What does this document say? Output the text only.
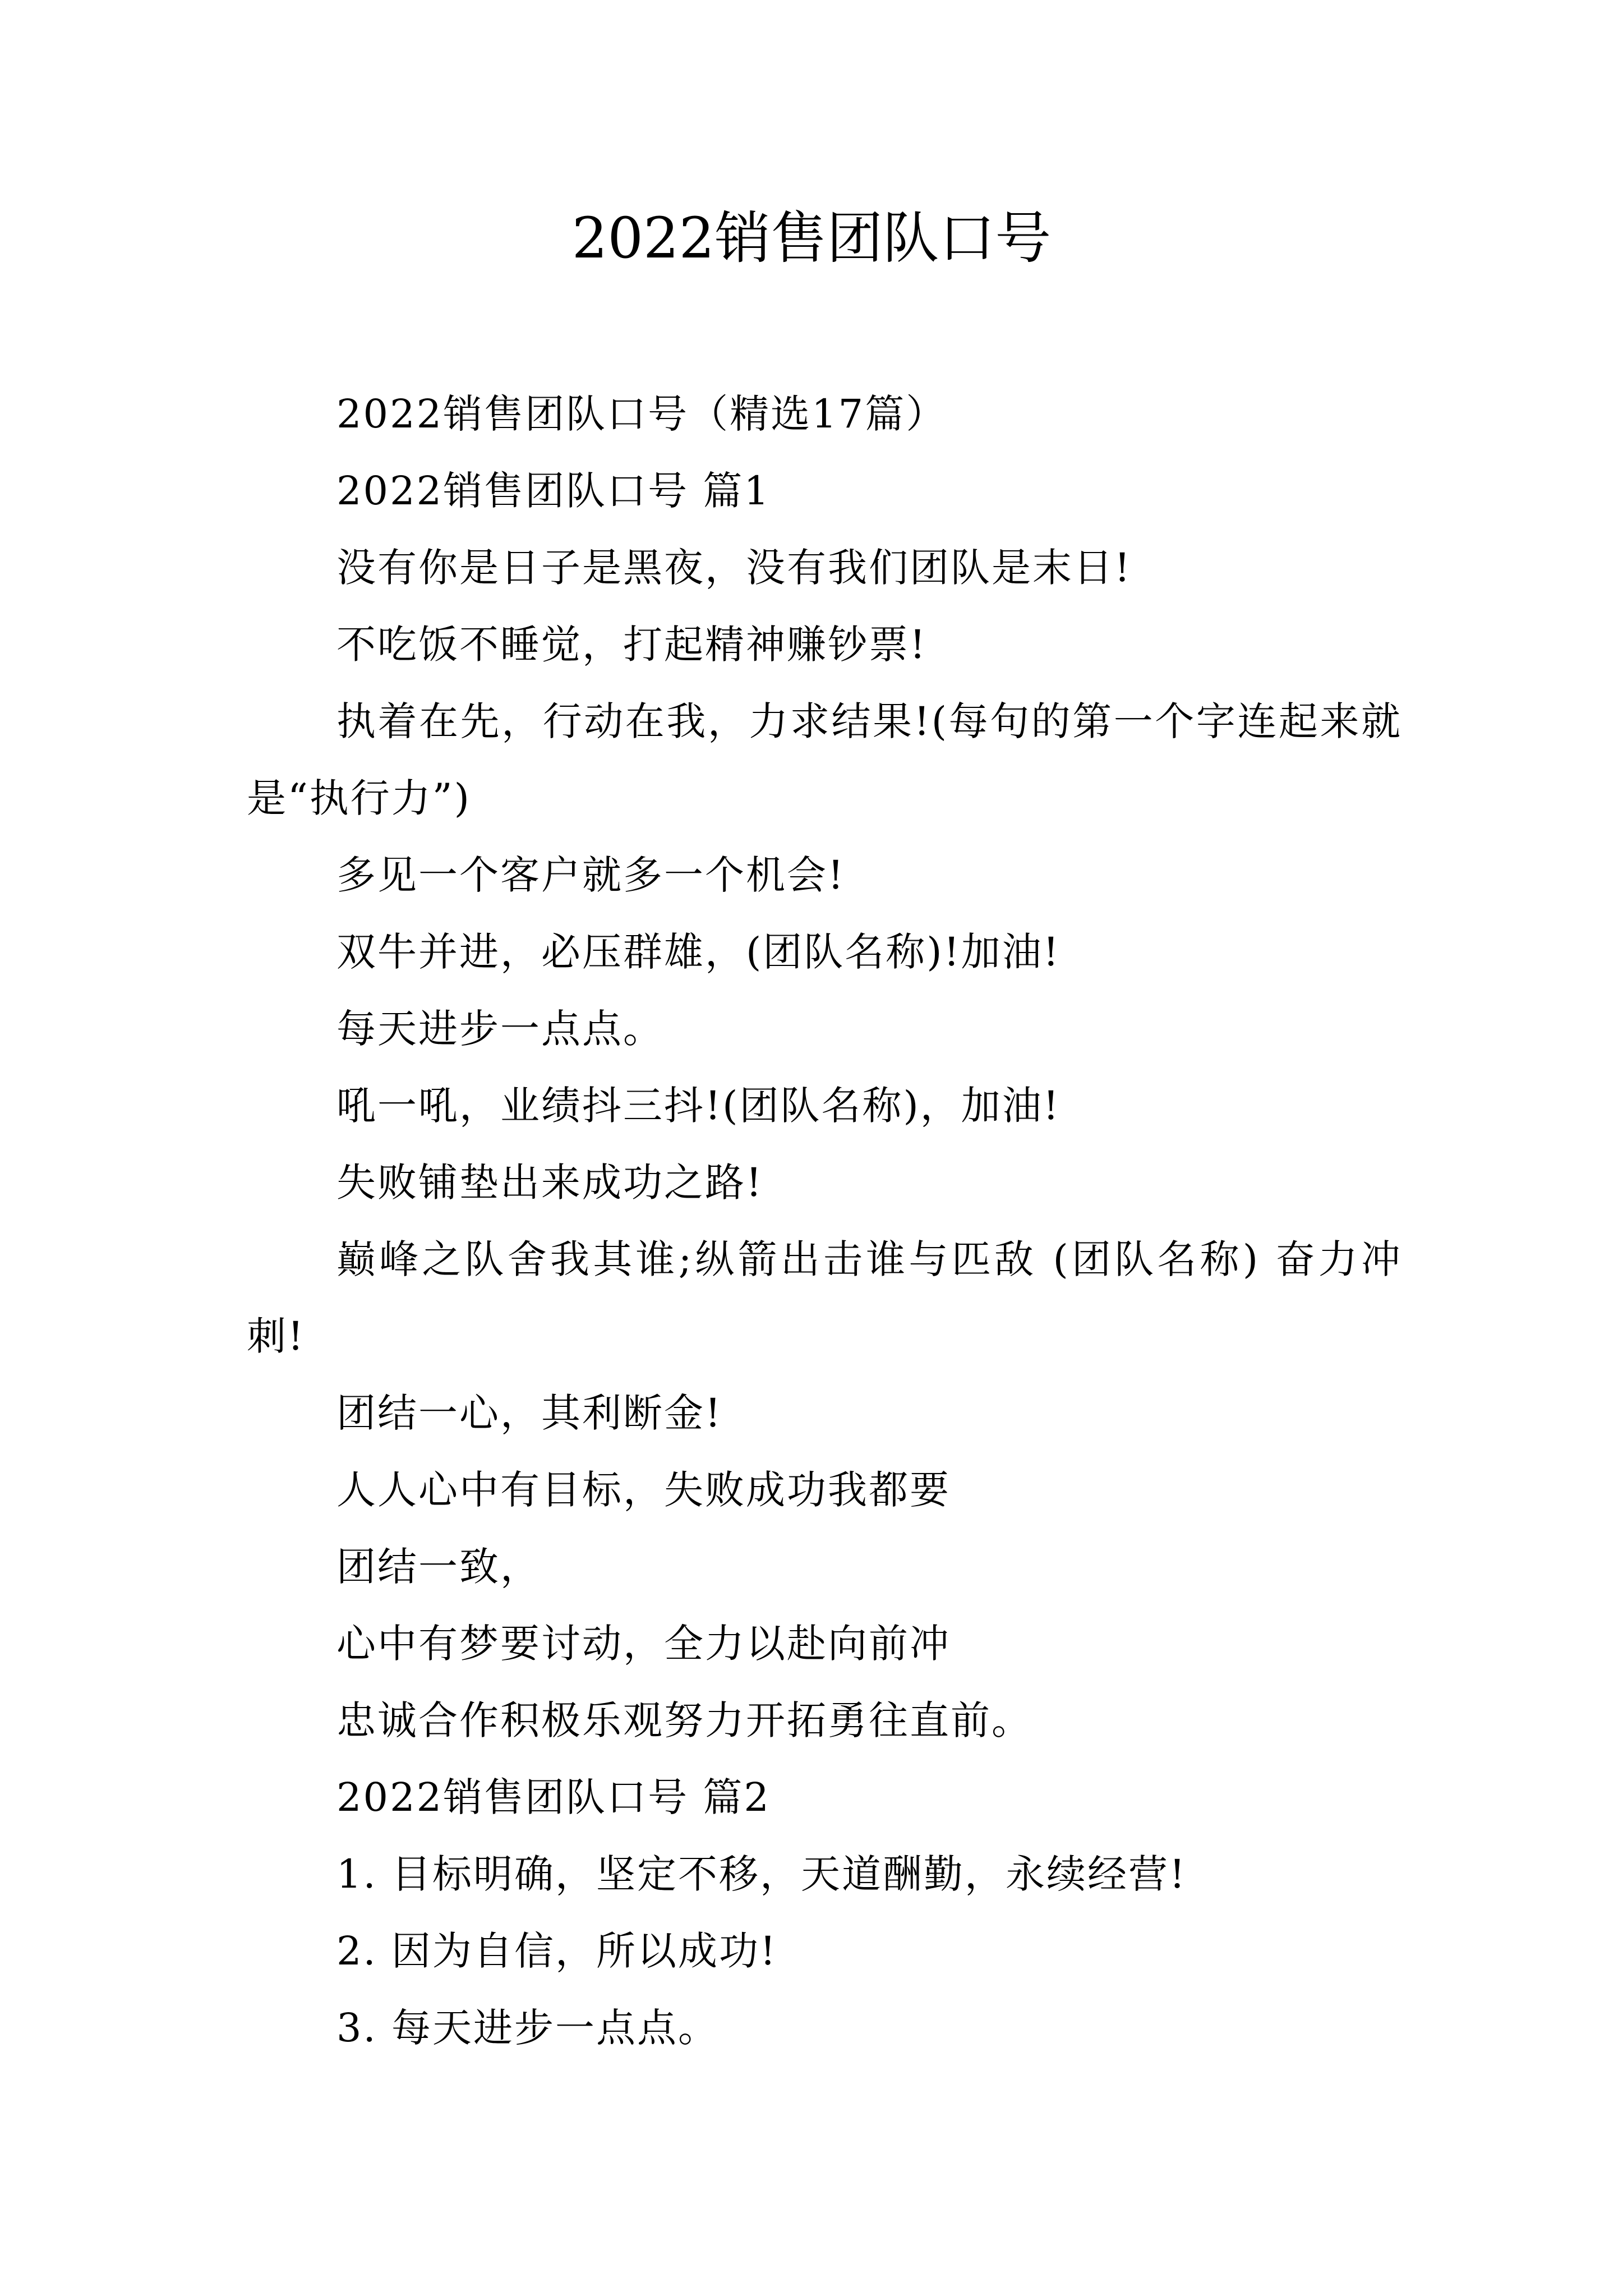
2022销售团队口号

2022销售团队口号（精选17篇）

2022销售团队口号 篇1

没有你是日子是黑夜，没有我们团队是末日!

不吃饭不睡觉，打起精神赚钞票!

执着在先，行动在我，力求结果!(每句的第一个字连起来就是“执行力”)

多见一个客户就多一个机会!

双牛并进，必压群雄，(团队名称)!加油!

每天进步一点点。

吼一吼，业绩抖三抖!(团队名称)，加油!

失败铺垫出来成功之路!

巅峰之队舍我其谁;纵箭出击谁与匹敌 (团队名称) 奋力冲刺!

团结一心，其利断金!

人人心中有目标，失败成功我都要

团结一致，

心中有梦要讨动，全力以赴向前冲

忠诚合作积极乐观努力开拓勇往直前。

2022销售团队口号 篇2

1. 目标明确，坚定不移，天道酬勤，永续经营!

2. 因为自信，所以成功!

3. 每天进步一点点。
